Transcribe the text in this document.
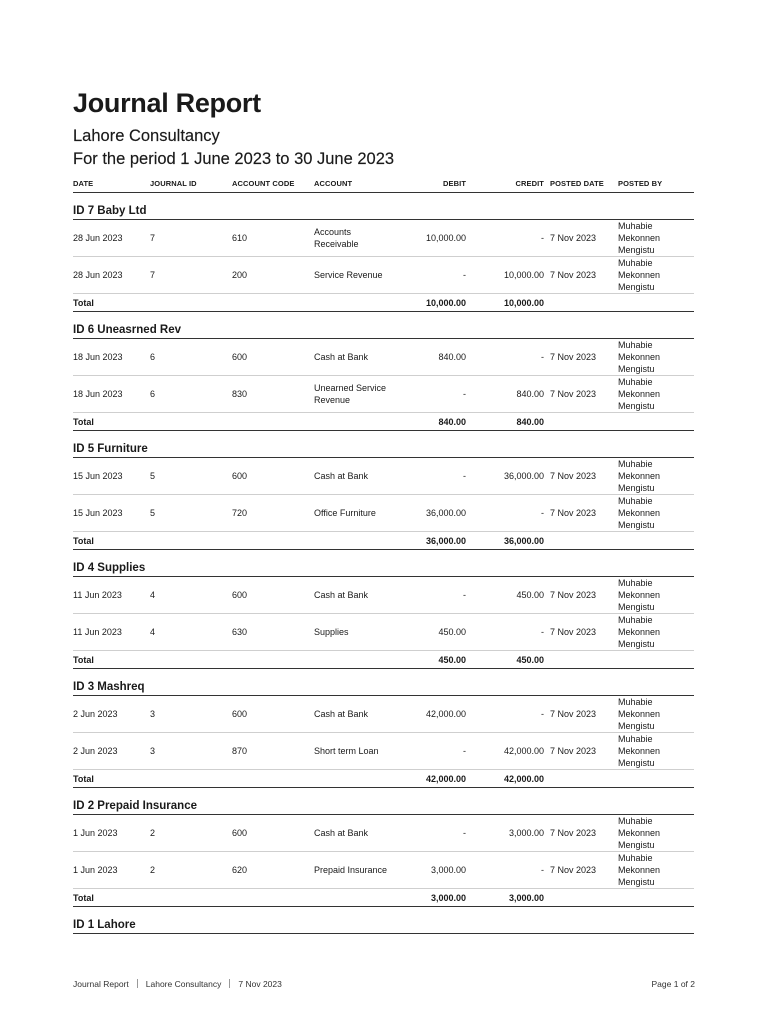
Journal Report
Lahore Consultancy
For the period 1 June 2023 to 30 June 2023
DATE	JOURNAL ID	ACCOUNT CODE	ACCOUNT	DEBIT	CREDIT	POSTED DATE	POSTED BY
ID 7 Baby Ltd							
28 Jun 2023	7	610	Accounts Receivable	10,000.00	-	7 Nov 2023	Muhabie Mekonnen Mengistu
28 Jun 2023	7	200	Service Revenue	-	10,000.00	7 Nov 2023	Muhabie Mekonnen Mengistu
Total				10,000.00	10,000.00		
ID 6 Uneasrned Rev							
18 Jun 2023	6	600	Cash at Bank	840.00	-	7 Nov 2023	Muhabie Mekonnen Mengistu
18 Jun 2023	6	830	Unearned Service Revenue	-	840.00	7 Nov 2023	Muhabie Mekonnen Mengistu
Total				840.00	840.00		
ID 5 Furniture							
15 Jun 2023	5	600	Cash at Bank	-	36,000.00	7 Nov 2023	Muhabie Mekonnen Mengistu
15 Jun 2023	5	720	Office Furniture	36,000.00	-	7 Nov 2023	Muhabie Mekonnen Mengistu
Total				36,000.00	36,000.00		
ID 4 Supplies							
11 Jun 2023	4	600	Cash at Bank	-	450.00	7 Nov 2023	Muhabie Mekonnen Mengistu
11 Jun 2023	4	630	Supplies	450.00	-	7 Nov 2023	Muhabie Mekonnen Mengistu
Total				450.00	450.00		
ID 3 Mashreq							
2 Jun 2023	3	600	Cash at Bank	42,000.00	-	7 Nov 2023	Muhabie Mekonnen Mengistu
2 Jun 2023	3	870	Short term Loan	-	42,000.00	7 Nov 2023	Muhabie Mekonnen Mengistu
Total				42,000.00	42,000.00		
ID 2 Prepaid Insurance							
1 Jun 2023	2	600	Cash at Bank	-	3,000.00	7 Nov 2023	Muhabie Mekonnen Mengistu
1 Jun 2023	2	620	Prepaid Insurance	3,000.00	-	7 Nov 2023	Muhabie Mekonnen Mengistu
Total				3,000.00	3,000.00		
ID 1 Lahore							
Journal Report Lahore Consultancy 7 Nov 2023	Page 1 of 2
